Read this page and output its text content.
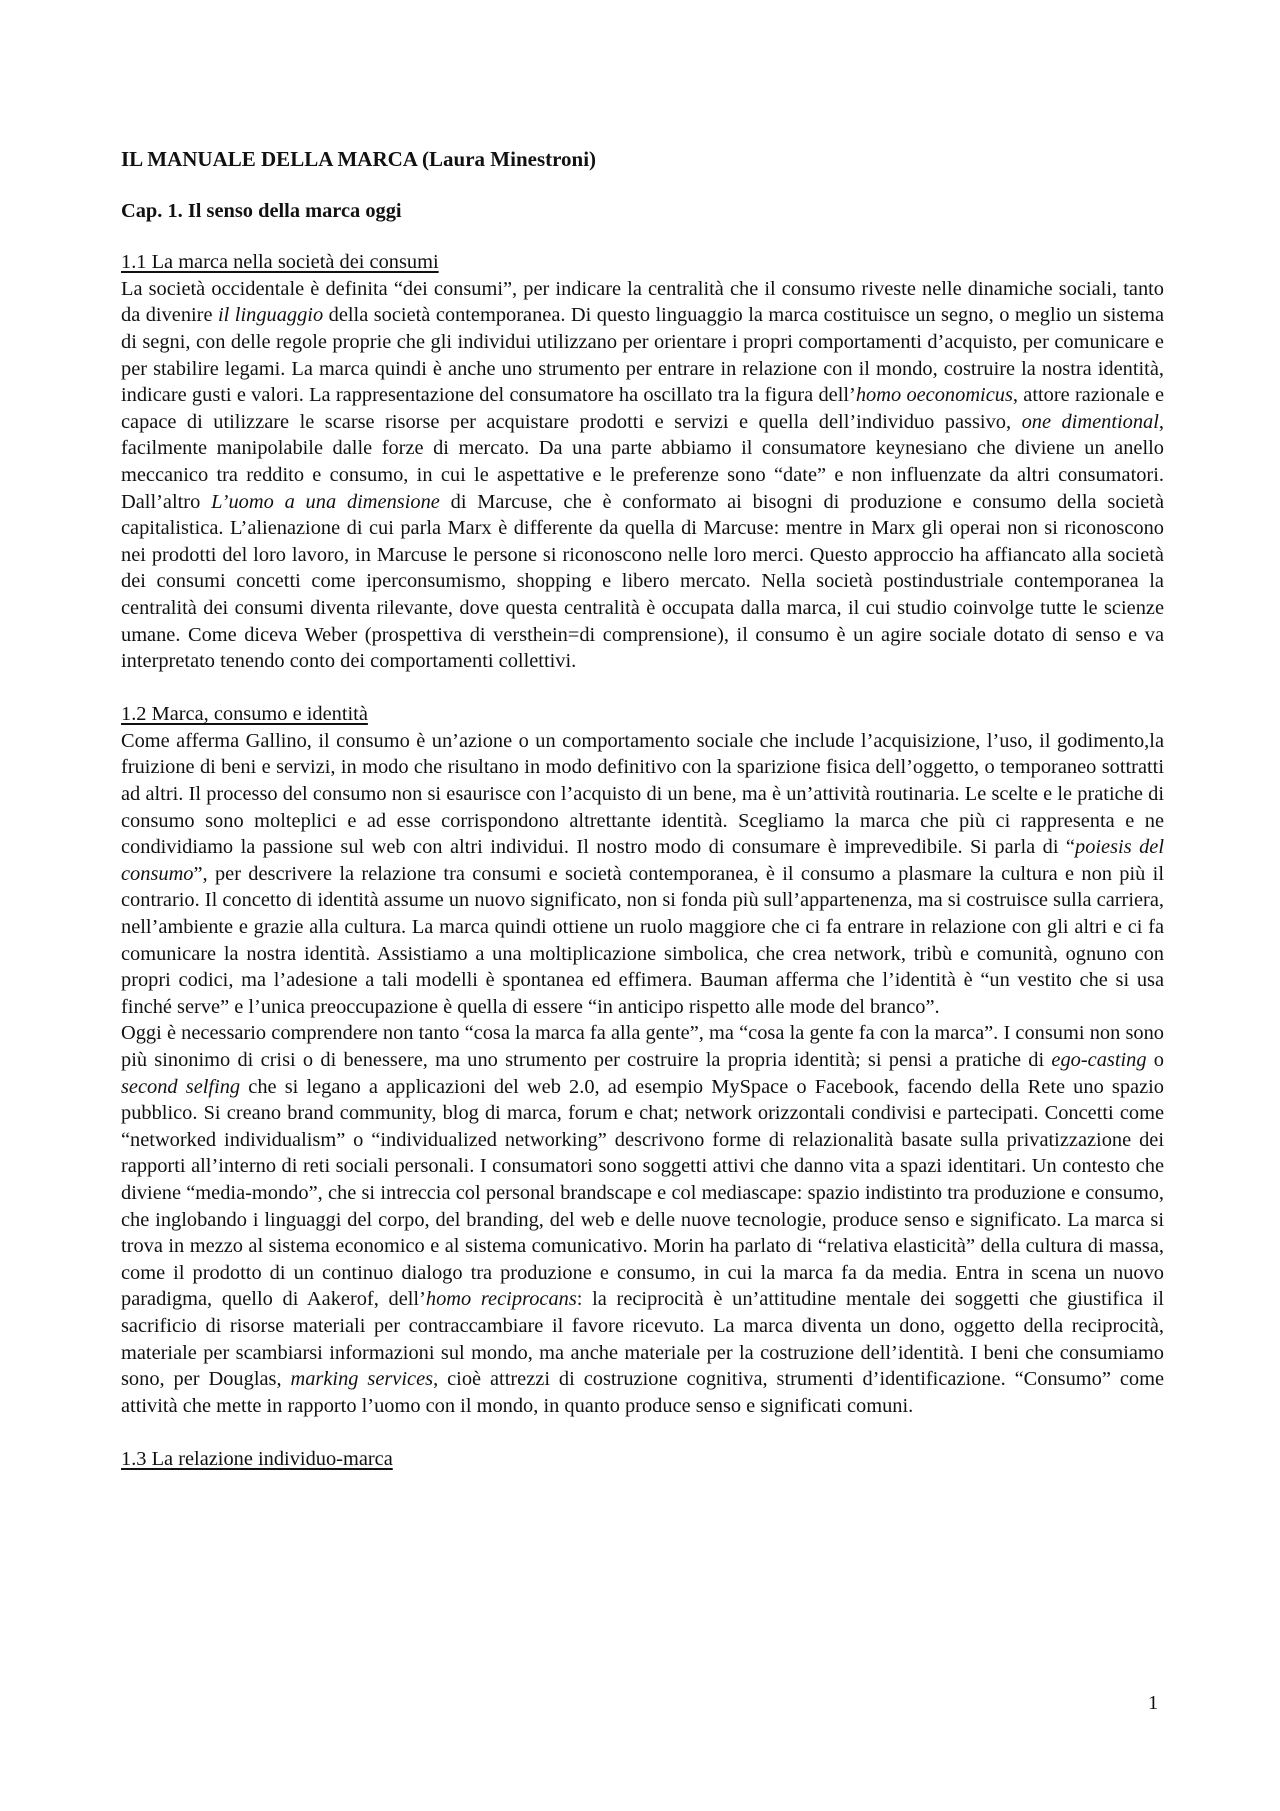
IL MANUALE DELLA MARCA (Laura Minestroni)
Cap. 1. Il senso della marca oggi
1.1 La marca nella società dei consumi

La società occidentale è definita “dei consumi”, per indicare la centralità che il consumo riveste nelle dinamiche sociali, tanto da divenire il linguaggio della società contemporanea. Di questo linguaggio la marca costituisce un segno, o meglio un sistema di segni, con delle regole proprie che gli individui utilizzano per orientare i propri comportamenti d’acquisto, per comunicare e per stabilire legami. La marca quindi è anche uno strumento per entrare in relazione con il mondo, costruire la nostra identità, indicare gusti e valori. La rappresentazione del consumatore ha oscillato tra la figura dell’homo oeconomicus, attore razionale e capace di utilizzare le scarse risorse per acquistare prodotti e servizi e quella dell’individuo passivo, one dimentional, facilmente manipolabile dalle forze di mercato. Da una parte abbiamo il consumatore keynesiano che diviene un anello meccanico tra reddito e consumo, in cui le aspettative e le preferenze sono “date” e non influenzate da altri consumatori. Dall’altro L’uomo a una dimensione di Marcuse, che è conformato ai bisogni di produzione e consumo della società capitalistica. L’alienazione di cui parla Marx è differente da quella di Marcuse: mentre in Marx gli operai non si riconoscono nei prodotti del loro lavoro, in Marcuse le persone si riconoscono nelle loro merci. Questo approccio ha affiancato alla società dei consumi concetti come iperconsumismo, shopping e libero mercato. Nella società postindustriale contemporanea la centralità dei consumi diventa rilevante, dove questa centralità è occupata dalla marca, il cui studio coinvolge tutte le scienze umane. Come diceva Weber (prospettiva di versthein=di comprensione), il consumo è un agire sociale dotato di senso e va interpretato tenendo conto dei comportamenti collettivi.

1.2 Marca, consumo e identità

Come afferma Gallino, il consumo è un’azione o un comportamento sociale che include l’acquisizione, l’uso, il godimento,la fruizione di beni e servizi, in modo che risultano in modo definitivo con la sparizione fisica dell’oggetto, o temporaneo sottratti ad altri. Il processo del consumo non si esaurisce con l’acquisto di un bene, ma è un’attività routinaria. Le scelte e le pratiche di consumo sono molteplici e ad esse corrispondono altrettante identità. Scegliamo la marca che più ci rappresenta e ne condividiamo la passione sul web con altri individui. Il nostro modo di consumare è imprevedibile. Si parla di “poiesis del consumo”, per descrivere la relazione tra consumi e società contemporanea, è il consumo a plasmare la cultura e non più il contrario. Il concetto di identità assume un nuovo significato, non si fonda più sull’appartenenza, ma si costruisce sulla carriera, nell’ambiente e grazie alla cultura. La marca quindi ottiene un ruolo maggiore che ci fa entrare in relazione con gli altri e ci fa comunicare la nostra identità. Assistiamo a una moltiplicazione simbolica, che crea network, tribù e comunità, ognuno con propri codici, ma l’adesione a tali modelli è spontanea ed effimera. Bauman afferma che l’identità è “un vestito che si usa finché serve” e l’unica preoccupazione è quella di essere “in anticipo rispetto alle mode del branco”.

Oggi è necessario comprendere non tanto “cosa la marca fa alla gente”, ma “cosa la gente fa con la marca”. I consumi non sono più sinonimo di crisi o di benessere, ma uno strumento per costruire la propria identità; si pensi a pratiche di ego-casting o second selfing che si legano a applicazioni del web 2.0, ad esempio MySpace o Facebook, facendo della Rete uno spazio pubblico. Si creano brand community, blog di marca, forum e chat; network orizzontali condivisi e partecipati. Concetti come “networked individualism” o “individualized networking” descrivono forme di relazionalità basate sulla privatizzazione dei rapporti all’interno di reti sociali personali. I consumatori sono soggetti attivi che danno vita a spazi identitari. Un contesto che diviene “media-mondo”, che si intreccia col personal brandscape e col mediascape: spazio indistinto tra produzione e consumo, che inglobando i linguaggi del corpo, del branding, del web e delle nuove tecnologie, produce senso e significato. La marca si trova in mezzo al sistema economico e al sistema comunicativo. Morin ha parlato di “relativa elasticità” della cultura di massa, come il prodotto di un continuo dialogo tra produzione e consumo, in cui la marca fa da media. Entra in scena un nuovo paradigma, quello di Aakerof, dell’homo reciprocans: la reciprocità è un’attitudine mentale dei soggetti che giustifica il sacrificio di risorse materiali per contraccambiare il favore ricevuto. La marca diventa un dono, oggetto della reciprocità, materiale per scambiarsi informazioni sul mondo, ma anche materiale per la costruzione dell’identità. I beni che consumiamo sono, per Douglas, marking services, cioè attrezzi di costruzione cognitiva, strumenti d’identificazione. “Consumo” come attività che mette in rapporto l’uomo con il mondo, in quanto produce senso e significati comuni.

1.3 La relazione individuo-marca
1
